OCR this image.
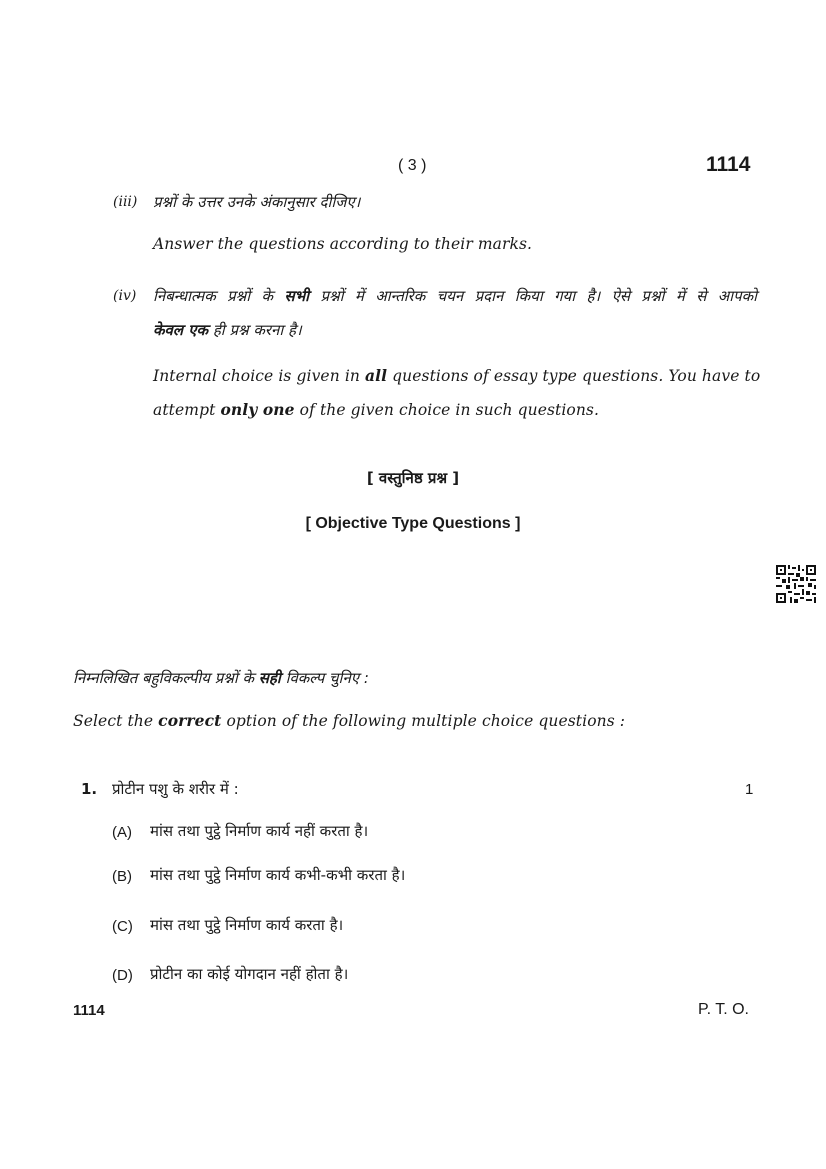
( 3 )	1114
(iii) प्रश्नों के उत्तर उनके अंकानुसार दीजिए।
Answer the questions according to their marks.
(iv) निबन्धात्मक प्रश्नों के सभी प्रश्नों में आन्तरिक चयन प्रदान किया गया है। ऐसे प्रश्नों में से आपको
केवल एक ही प्रश्न करना है।
Internal choice is given in all questions of essay type questions. You have to
attempt only one of the given choice in such questions.
[ वस्तुनिष्ठ प्रश्न ]
[ Objective Type Questions ]
निम्नलिखित बहुविकल्पीय प्रश्नों के सही विकल्प चुनिए :
Select the correct option of the following multiple choice questions :
1. प्रोटीन पशु के शरीर में :	1
(A) मांस तथा पुट्ठे निर्माण कार्य नहीं करता है।
(B) मांस तथा पुट्ठे निर्माण कार्य कभी-कभी करता है।
(C) मांस तथा पुट्ठे निर्माण कार्य करता है।
(D) प्रोटीन का कोई योगदान नहीं होता है।
1114	P. T. O.
